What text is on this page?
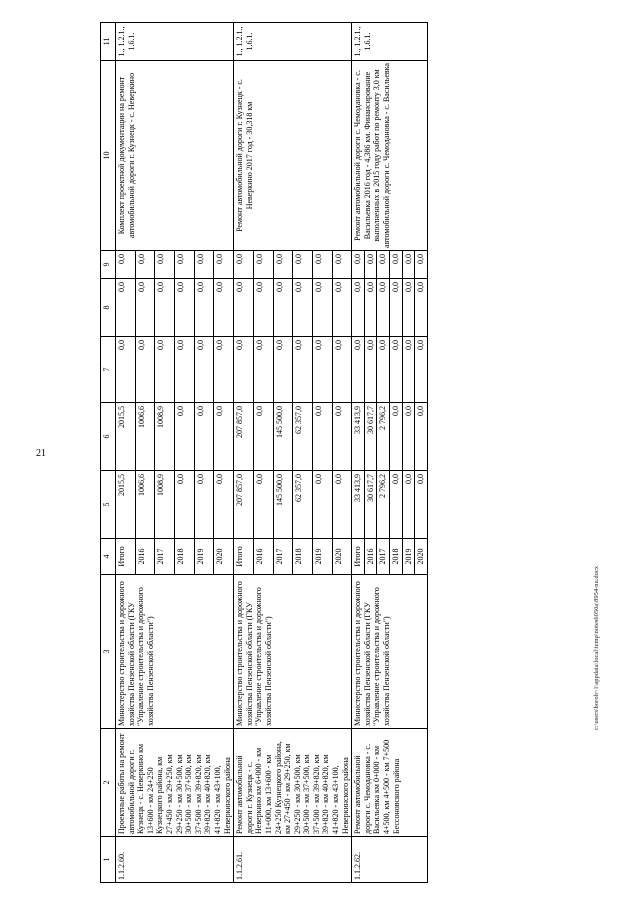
21
1	2	3	4	5	6	7	8	9	10	11
1.1.2.60.	Проектные работы на ремонт автомобильной дороги г. Кузнецк - с. Неверкино км 13+600 - км 24+250 Кузнецкого района, км 27+450 - км 29+250, км 29+250 - км 30+500, км 30+500 - км 37+500, км 37+500 - км 39+820, км 39+820 - км 40+820, км 41+820 - км 43+100, Неверкинского района	Министерство строительства и дорожного хозяйства Пензенской области (ГКУ "Управление строительства и дорожного хозяйства Пензенской области")	Итого	2015,5	2015,5	0,0	0,0	0,0	Комплект проектной документации на ремонт автомобильной дороги г. Кузнецк - с. Неверкино	1., 1.2.1., 1.6.1.
			2016	1006,6	1006,6	0,0	0,0	0,0		
			2017	1008,9	1008,9	0,0	0,0	0,0		
			2018	0,0	0,0	0,0	0,0	0,0		
			2019	0,0	0,0	0,0	0,0	0,0		
			2020	0,0	0,0	0,0	0,0	0,0		
1.1.2.61.	Ремонт автомобильной дороги г. Кузнецк - с. Неверкино км 6+000 - км 11+000, км 13+600 - км 24+250 Кузнецкого района, км 27+450 - км 29+250, км 29+250 - км 30+500, км 30+500 - км 37+500, км 37+500 - км 39+820, км 39+820 - км 40+820, км 41+820 - км 43+100, Неверкинского района	Министерство строительства и дорожного хозяйства Пензенской области (ГКУ "Управление строительства и дорожного хозяйства Пензенской области")	Итого	207 857,0	207 857,0	0,0	0,0	0,0	Ремонт автомобильной дороги г. Кузнецк - с. Неверкино 2017 год - 30,318 км	1., 1.2.1., 1.6.1.
			2016	0,0	0,0	0,0	0,0	0,0		
			2017	145 500,0	145 500,0	0,0	0,0	0,0		
			2018	62 357,0	62 357,0	0,0	0,0	0,0		
			2019	0,0	0,0	0,0	0,0	0,0		
			2020	0,0	0,0	0,0	0,0	0,0		
1.1.2.62.	Ремонт автомобильной дороги с. Чемодановка - с. Васильевка км 0+000 - км 4+500, км 4+500 - км 7+500 Бессоновского района	Министерство строительства и дорожного хозяйства Пензенской области (ГКУ "Управление строительства и дорожного хозяйства Пензенской области")	Итого	33 413,9	33 413,9	0,0	0,0	0,0	Ремонт автомобильной дороги с. Чемодановка - с. Васильевка 2016 год - 4,386 км. Финансирование выполненных в 2015 году работ по ремонту 3,0 км автомобильной дороги с. Чемодановка - с. Васильевка	1., 1.2.1., 1.6.1.
			2016	30 617,7	30 617,7	0,0	0,0	0,0		
			2017	2 796,2	2 796,2	0,0	0,0	0,0		
			2018	0,0	0,0	0,0	0,0	0,0		
			2019	0,0	0,0	0,0	0,0	0,0		
			2020	0,0	0,0	0,0	0,0	0,0		
c:\users\boroh~1\appdata\local\temp\notes6050a\8954-nu.docx
